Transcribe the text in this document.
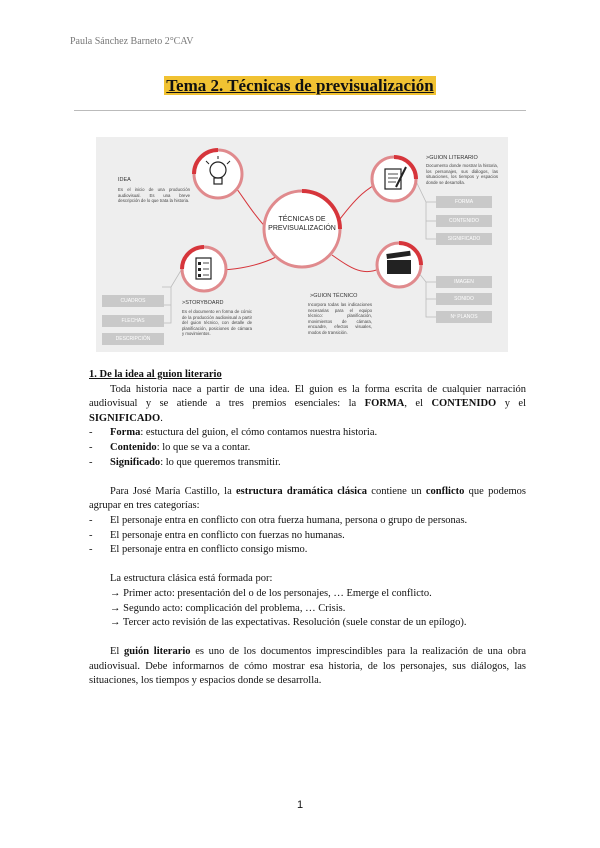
Paula Sánchez Barneto 2°CAV
Tema 2. Técnicas de previsualización
TÉCNICAS DE
PREVISUALIZACIÓN
IDEA
Es el inicio de una producción audiovisual. Es una breve descripción de lo que trata la historia.
>GUION LITERARIO
Documento donde mostrar la historia, los personajes, sus diálogos, las situaciones, los tiempos y espacios donde se desarrolla.
FORMA
CONTENIDO
SIGNIFICADO
>STORYBOARD
Es el documento en forma de cómic de la producción audiovisual a partir del guion técnico, con detalle de planificación, posiciones de cámara y movimientos.
CUADROS
FLECHAS
DESCRIPCIÓN
>GUION TÉCNICO
Incorpora todas las indicaciones necesarias para el equipo técnico: planificación, movimientos de cámara, encuadre, efectos visuales, modos de transición.
IMAGEN
SONIDO
Nº PLANOS

1. De la idea al guion literario

Toda historia nace a partir de una idea. El guion es la forma escrita de cualquier narración audiovisual y se atiende a tres premios esenciales: la FORMA, el CONTENIDO y el SIGNIFICADO.

- Forma: estuctura del guion, el cómo contamos nuestra historia.
- Contenido: lo que se va a contar.
- Significado: lo que queremos transmitir.

Para José María Castillo, la estructura dramática clásica contiene un conflicto que podemos agrupar en tres categorías:

- El personaje entra en conflicto con otra fuerza humana, persona o grupo de personas.
- El personaje entra en conflicto con fuerzas no humanas.
- El personaje entra en conflicto consigo mismo.

La estructura clásica está formada por:

→ Primer acto: presentación del o de los personajes, … Emerge el conflicto.
→ Segundo acto: complicación del problema, … Crisis.
→ Tercer acto revisión de las expectativas. Resolución (suele constar de un epílogo).

El guión literario es uno de los documentos imprescindibles para la realización de una obra audiovisual. Debe informarnos de cómo mostrar esa historia, de los personajes, sus diálogos, las situaciones, los tiempos y espacios donde se desarrolla.

1
